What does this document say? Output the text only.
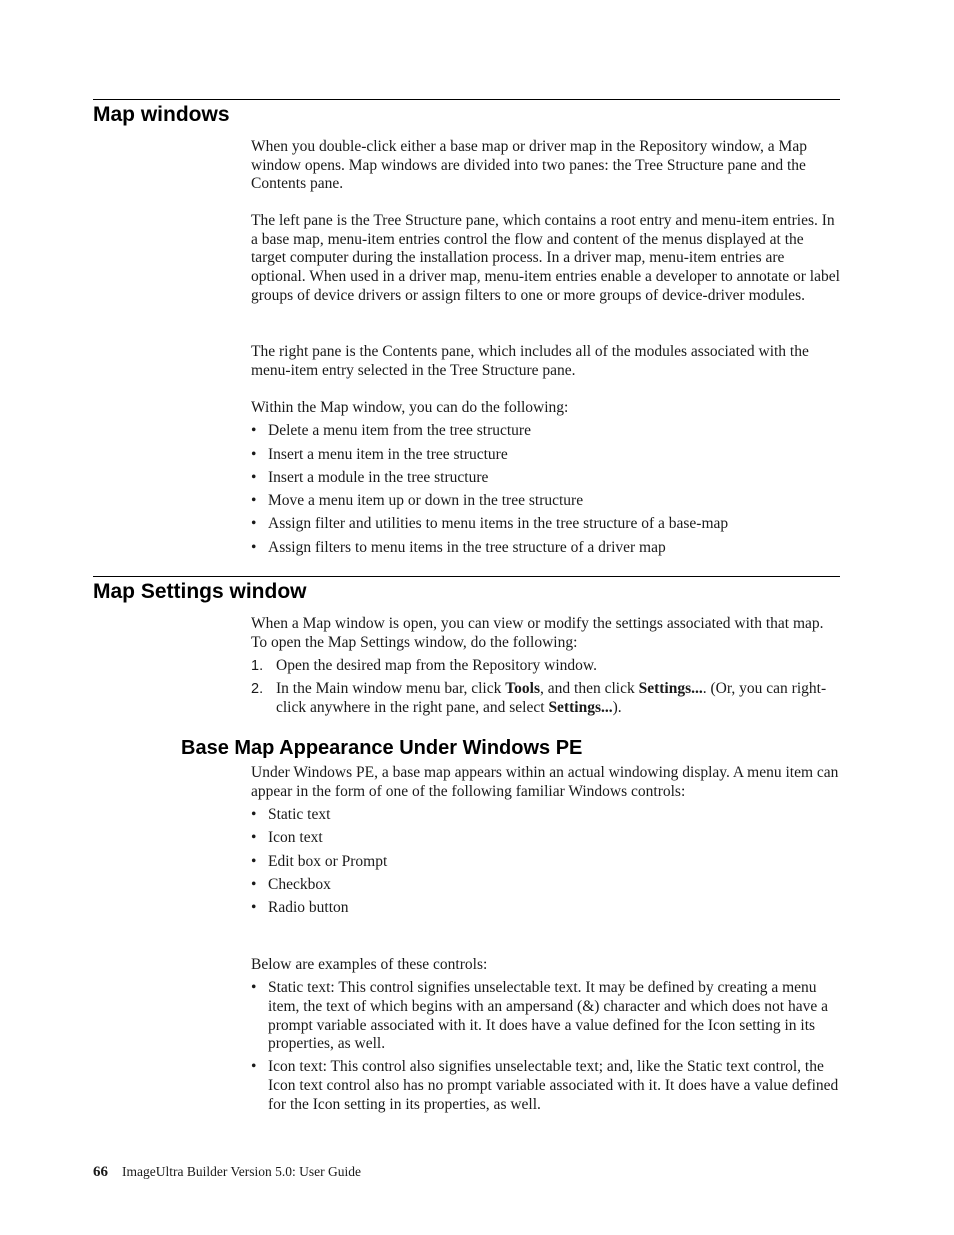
Map windows

When you double-click either a base map or driver map in the Repository window, a Map window opens. Map windows are divided into two panes: the Tree Structure pane and the Contents pane.

The left pane is the Tree Structure pane, which contains a root entry and menu-item entries. In a base map, menu-item entries control the flow and content of the menus displayed at the target computer during the installation process. In a driver map, menu-item entries are optional. When used in a driver map, menu-item entries enable a developer to annotate or label groups of device drivers or assign filters to one or more groups of device-driver modules.

The right pane is the Contents pane, which includes all of the modules associated with the menu-item entry selected in the Tree Structure pane.

Within the Map window, you can do the following:

• Delete a menu item from the tree structure
• Insert a menu item in the tree structure
• Insert a module in the tree structure
• Move a menu item up or down in the tree structure
• Assign filter and utilities to menu items in the tree structure of a base-map
• Assign filters to menu items in the tree structure of a driver map
Map Settings window

When a Map window is open, you can view or modify the settings associated with that map. To open the Map Settings window, do the following:

1. Open the desired map from the Repository window.
2. In the Main window menu bar, click Tools, and then click Settings.... (Or, you can right-click anywhere in the right pane, and select Settings...).
Base Map Appearance Under Windows PE

Under Windows PE, a base map appears within an actual windowing display. A menu item can appear in the form of one of the following familiar Windows controls:

• Static text
• Icon text
• Edit box or Prompt
• Checkbox
• Radio button

Below are examples of these controls:

• Static text: This control signifies unselectable text. It may be defined by creating a menu item, the text of which begins with an ampersand (&) character and which does not have a prompt variable associated with it. It does have a value defined for the Icon setting in its properties, as well.
• Icon text: This control also signifies unselectable text; and, like the Static text control, the Icon text control also has no prompt variable associated with it. It does have a value defined for the Icon setting in its properties, as well.
66 ImageUltra Builder Version 5.0: User Guide
